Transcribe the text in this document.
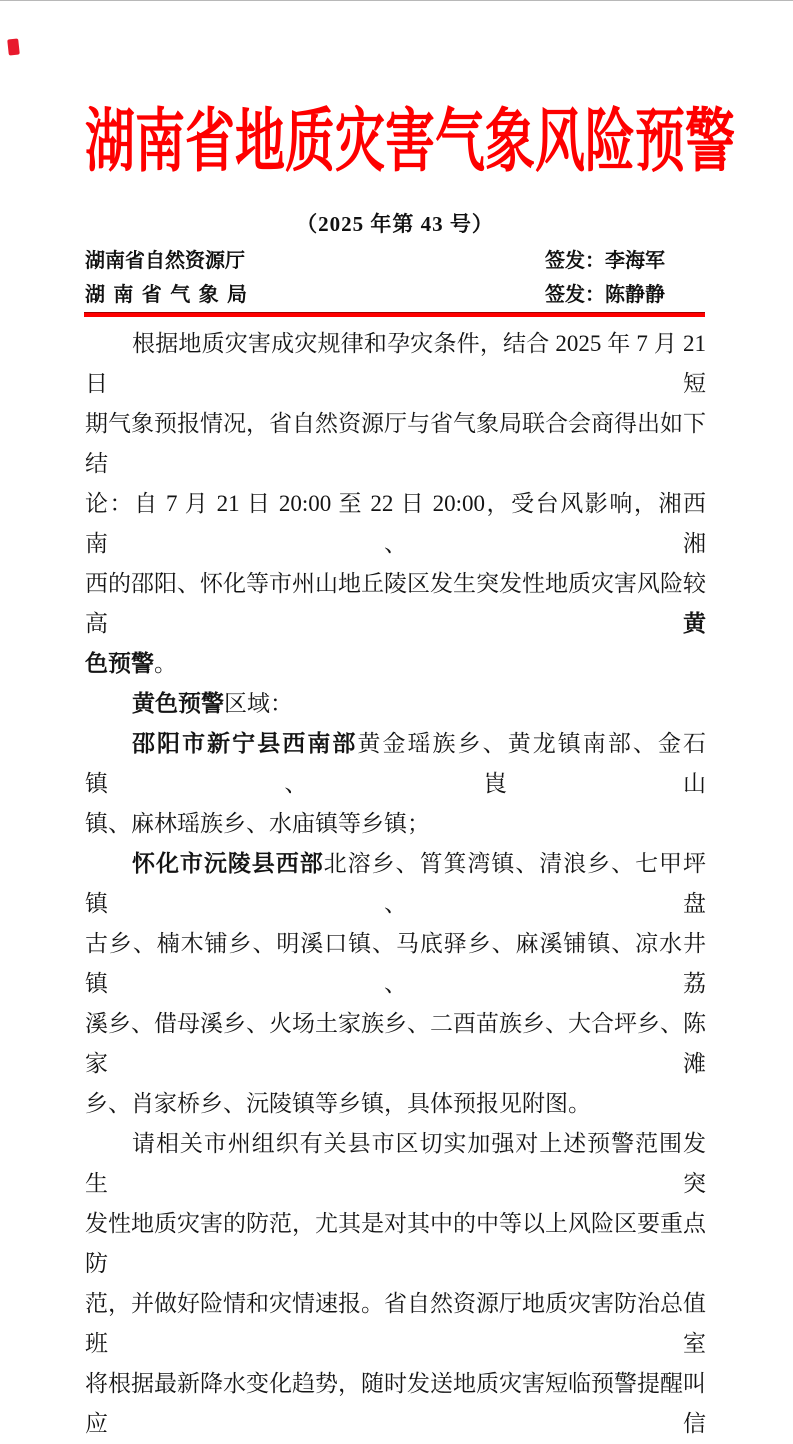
湖南省地质灾害气象风险预警
（2025 年第 43 号）
湖南省自然资源厅	签发：李海军
湖南省气象局	签发：陈静静
根据地质灾害成灾规律和孕灾条件，结合 2025 年 7 月 21 日短
期气象预报情况，省自然资源厅与省气象局联合会商得出如下结
论：自 7 月 21 日 20:00 至 22 日 20:00，受台风影响，湘西南、湘
西的邵阳、怀化等市州山地丘陵区发生突发性地质灾害风险较高黄
色预警。
黄色预警区域：
邵阳市新宁县西南部黄金瑶族乡、黄龙镇南部、金石镇、崀山
镇、麻林瑶族乡、水庙镇等乡镇；
怀化市沅陵县西部北溶乡、筲箕湾镇、清浪乡、七甲坪镇、盘
古乡、楠木铺乡、明溪口镇、马底驿乡、麻溪铺镇、凉水井镇、荔
溪乡、借母溪乡、火场土家族乡、二酉苗族乡、大合坪乡、陈家滩
乡、肖家桥乡、沅陵镇等乡镇，具体预报见附图。
请相关市州组织有关县市区切实加强对上述预警范围发生突
发性地质灾害的防范，尤其是对其中的中等以上风险区要重点防
范，并做好险情和灾情速报。省自然资源厅地质灾害防治总值班室
将根据最新降水变化趋势，随时发送地质灾害短临预警提醒叫应信
